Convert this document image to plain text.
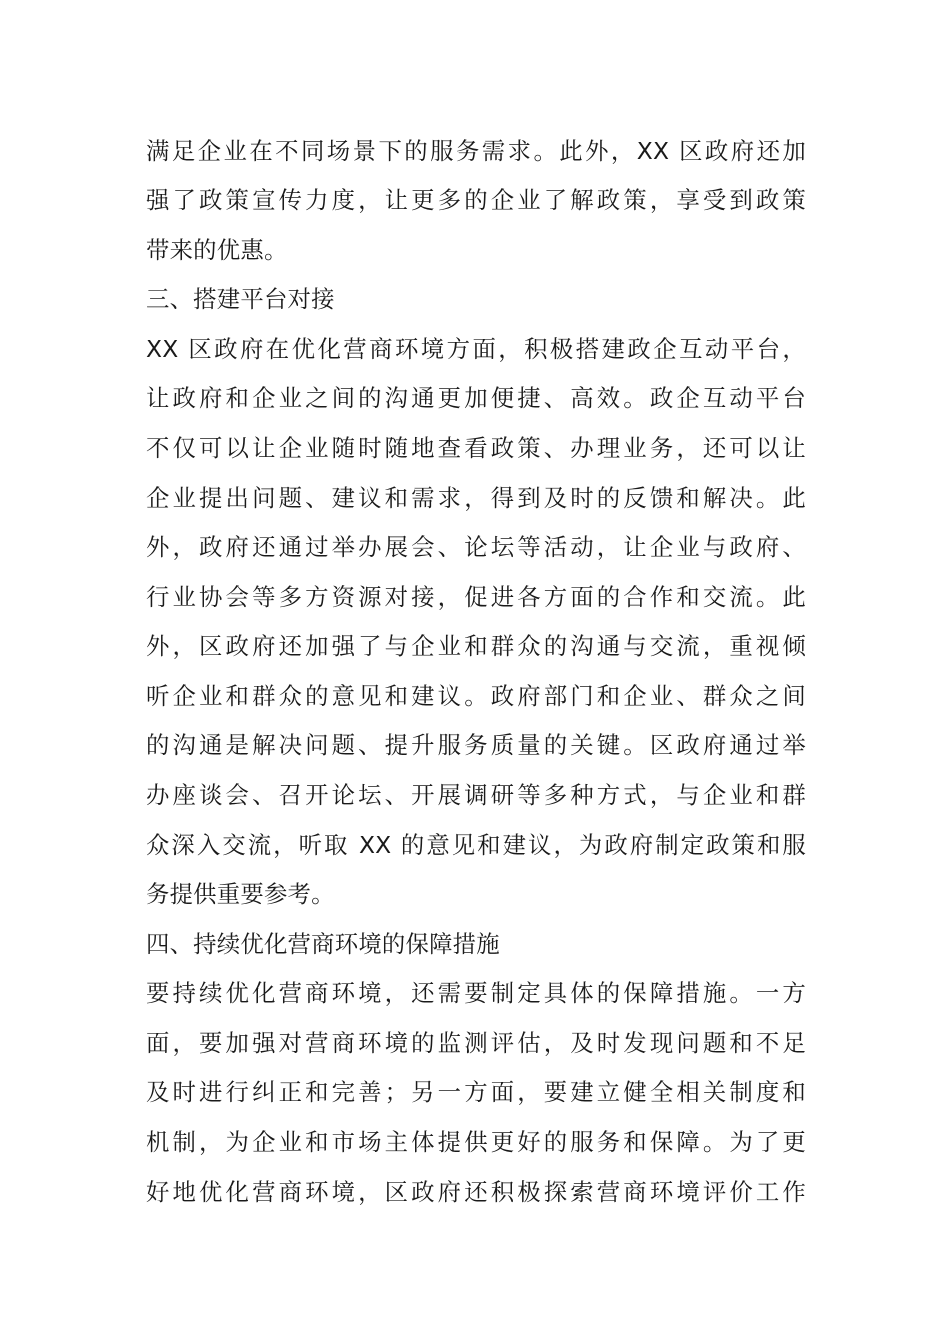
满足企业在不同场景下的服务需求。此外，XX 区政府还加
强了政策宣传力度，让更多的企业了解政策，享受到政策
带来的优惠。
三、搭建平台对接
XX 区政府在优化营商环境方面，积极搭建政企互动平台，
让政府和企业之间的沟通更加便捷、高效。政企互动平台
不仅可以让企业随时随地查看政策、办理业务，还可以让
企业提出问题、建议和需求，得到及时的反馈和解决。此
外，政府还通过举办展会、论坛等活动，让企业与政府、
行业协会等多方资源对接，促进各方面的合作和交流。此
外，区政府还加强了与企业和群众的沟通与交流，重视倾
听企业和群众的意见和建议。政府部门和企业、群众之间
的沟通是解决问题、提升服务质量的关键。区政府通过举
办座谈会、召开论坛、开展调研等多种方式，与企业和群
众深入交流，听取 XX 的意见和建议，为政府制定政策和服
务提供重要参考。
四、持续优化营商环境的保障措施
要持续优化营商环境，还需要制定具体的保障措施。一方
面，要加强对营商环境的监测评估，及时发现问题和不足
及时进行纠正和完善；另一方面，要建立健全相关制度和
机制，为企业和市场主体提供更好的服务和保障。为了更
好地优化营商环境，区政府还积极探索营商环境评价工作
